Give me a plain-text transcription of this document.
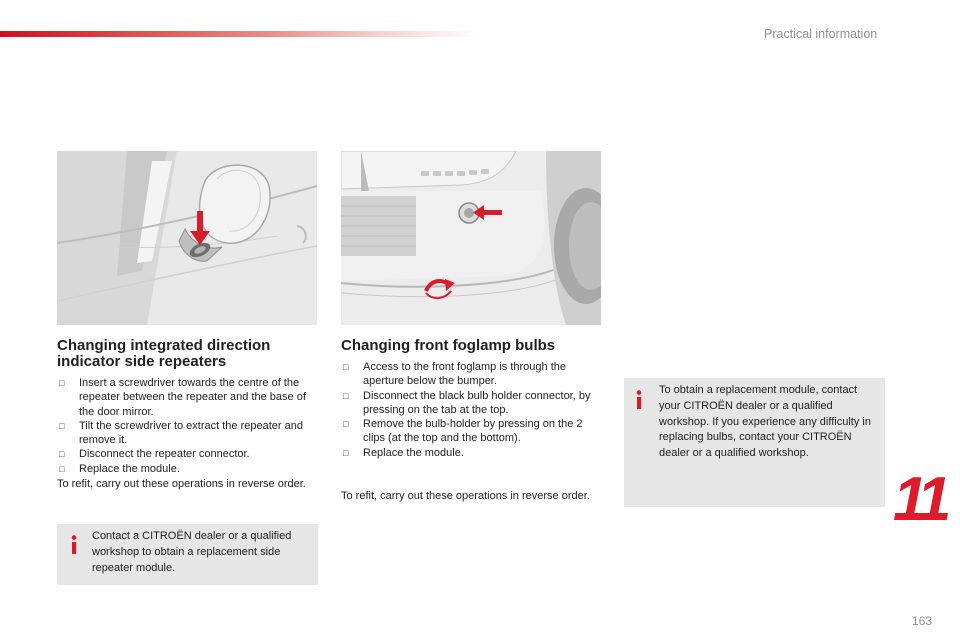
Practical information
Changing integrated direction indicator side repeaters
□ Insert a screwdriver towards the centre of the repeater between the repeater and the base of the door mirror.
□ Tilt the screwdriver to extract the repeater and remove it.
□ Disconnect the repeater connector.
□ Replace the module.
To refit, carry out these operations in reverse order.
Contact a CITROËN dealer or a qualified workshop to obtain a replacement side repeater module.
Changing front foglamp bulbs
□ Access to the front foglamp is through the aperture below the bumper.
□ Disconnect the black bulb holder connector, by pressing on the tab at the top.
□ Remove the bulb-holder by pressing on the 2 clips (at the top and the bottom).
□ Replace the module.
To refit, carry out these operations in reverse order.
To obtain a replacement module, contact your CITROËN dealer or a qualified workshop. If you experience any difficulty in replacing bulbs, contact your CITROËN dealer or a qualified workshop.
11
163
